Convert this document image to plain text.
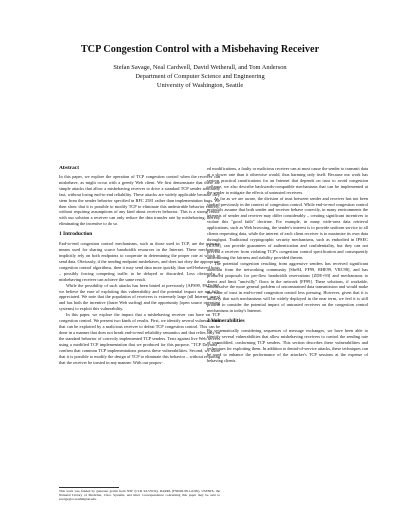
TCP Congestion Control with a Misbehaving Receiver
Stefan Savage, Neal Cardwell, David Wetherall, and Tom Anderson
Department of Computer Science and Engineering
University of Washington, Seattle
Abstract

In this paper, we explore the operation of TCP congestion control when the receiver can misbehave, as might occur with a greedy Web client. We first demonstrate that there are simple attacks that allow a misbehaving receiver to drive a standard TCP sender arbitrarily fast, without losing end-to-end reliability. These attacks are widely applicable because they stem from the sender behavior specified in RFC 2581 rather than implementation bugs. We then show that it is possible to modify TCP to eliminate this undesirable behavior entirely, without requiring assumptions of any kind about receiver behavior. This is a strong result: with our solution a receiver can only reduce the data transfer rate by misbehaving, thereby eliminating the incentive to do so.

1 Introduction

End-to-end congestion control mechanisms, such as those used in TCP, are the primary means used for sharing scarce bandwidth resources in the Internet. These mechanisms implicitly rely on both endpoints to cooperate in determining the proper rate at which to send data. Obviously, if the sending endpoint misbehaves, and does not obey the appropriate congestion control algorithms, then it may send data more quickly than well-behaved hosts – possibly forcing competing traffic to be delayed or discarded. Less obviously, a misbehaving receiver can achieve the same result.

While the possibility of such attacks has been hinted at previously [APS99, PAD+99], we believe the ease of exploiting this vulnerability and the potential impact are not fully appreciated. We note that the population of receivers is extremely large (all Internet users) and has both the incentive (faster Web surfing) and the opportunity (open source operating systems) to exploit this vulnerability.

In this paper, we explore the impact that a misbehaving receiver can have on TCP congestion control. We present two kinds of results. First, we identify several vulnerabilities that can be exploited by a malicious receiver to defeat TCP congestion control. This can be done in a manner that does not break end-to-end reliability semantics and that relies only on the standard behavior of correctly implemented TCP senders. Tests against live Web servers using a modified TCP implementation that we produced for this purpose, "TCP Daytona", confirm that common TCP implementations possess these vulnerabilities. Second, we show that it is possible to modify the design of TCP to eliminate this behavior – without requiring that the receiver be trusted in any manner. With our propos-

This work was funded by generous grants from NSF (CCR 94-53532), DARPA (F30602-98-1-0205), USENIX, the National Library of Medicine, Cisco Systems, and Intel. Correspondence concerning this paper may be sent to savage@cs.washington.edu.

ed modifications, a faulty or malicious receiver can at most cause the sender to transmit data at a slower rate than it otherwise would, thus harming only itself. Because our work has serious practical ramifications for an Internet that depends on trust to avoid congestion collapse, we also describe backwards-compatible mechanisms that can be implemented at the sender to mitigate the effects of untrusted receivers.

As far as we are aware, the division of trust between sender and receiver has not been studied previously in the context of congestion control. While end-to-end congestion control protocols assume that both sender and receiver behave correctly, in many environments the interests of sender and receiver may differ considerably – creating significant incentives to violate this "good faith" doctrine. For example, in many wide-area data retrieval applications, such as Web browsing, the sender's interest is to provide uniform service to all clients requesting data, while the interest of each client receiver is to maximize its own data throughput. Traditional cryptographic security mechanisms, such as embodied in IPSEC [KA98], can provide guarantees of authentication and confidentiality, but they can not prevent a receiver from violating TCP's congestion control specification and consequently undermining the fairness and stability provided therein.

The potential congestion resulting from aggressive senders has received significant attention from the networking community [She94, FF99, RHE99, VRC98], and has produced proposals for per-flow bandwidth reservations [ZDE+93] and mechanisms to detect and limit "uncivilly" flows in the network [FF99]. These solutions, if workable, would solve the more general problem of unconstrained data transmission and would make the issue of trust in end-to-end congestion control less pressing. However, given that it is unlikely that such mechanisms will be widely deployed in the near term, we feel it is still prudent to consider the potential impact of untrusted receivers on the congestion control mechanisms in today's Internet.

2 Vulnerabilities

By systematically considering sequences of message exchanges, we have been able to identify several vulnerabilities that allow misbehaving receivers to control the sending rate of unmodified, conforming TCP senders. This section describes these vulnerabilities and techniques for exploiting them. In addition to denial-of-service attacks, these techniques can be used to enhance the performance of the attacker's TCP sessions at the expense of behaving clients.
